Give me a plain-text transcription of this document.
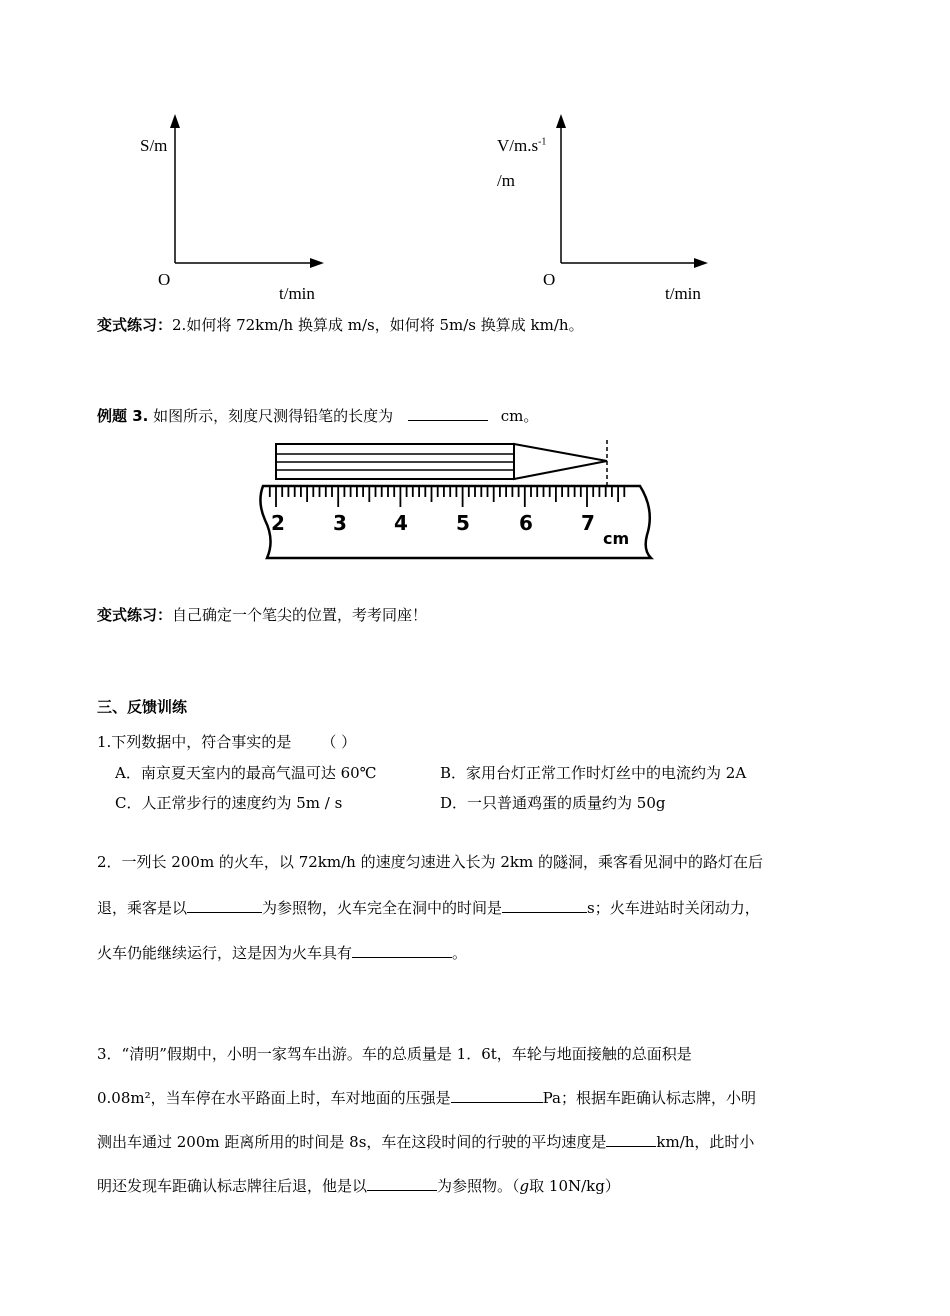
S/m
O
t/min
$V/m.s^{-1}$
/m
O
t/min
变式练习：2.如何将 72km/h 换算成 m/s，如何将 5m/s 换算成 km/h。
例题 3. 如图所示，刻度尺测得铅笔的长度为	cm。
2 3 4 5 6 7
cm
变式练习：自己确定一个笔尖的位置，考考同座！
三、反馈训练
1.下列数据中，符合事实的是 （ ）
A．南京夏天室内的最高气温可达 60℃	B．家用台灯正常工作时灯丝中的电流约为 2A
C．人正常步行的速度约为 5m / s	D．一只普通鸡蛋的质量约为 50g
2．一列长 200m 的火车，以 72km/h 的速度匀速进入长为 2km 的隧洞，乘客看见洞中的路灯在后
退，乘客是以	为参照物，火车完全在洞中的时间是	s；火车进站时关闭动力，
火车仍能继续运行，这是因为火车具有	。
3．“清明”假期中，小明一家驾车出游。车的总质量是 1．6t，车轮与地面接触的总面积是
0.08m²，当车停在水平路面上时，车对地面的压强是	Pa；根据车距确认标志牌，小明
测出车通过 200m 距离所用的时间是 8s，车在这段时间的行驶的平均速度是	km/h，此时小
明还发现车距确认标志牌往后退，他是以	为参照物。（g取 10N/kg）
